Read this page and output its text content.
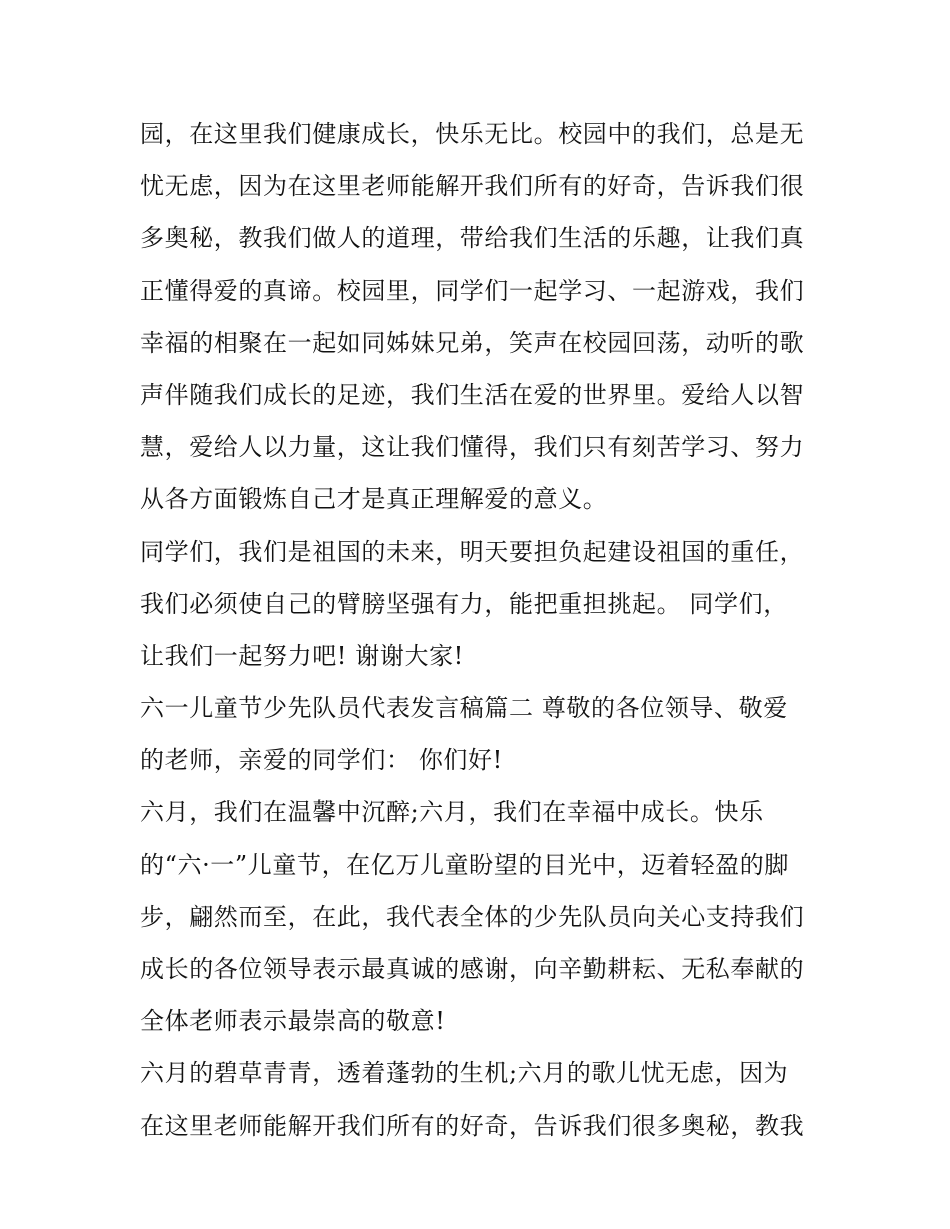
园，在这里我们健康成长，快乐无比。校园中的我们，总是无
忧无虑，因为在这里老师能解开我们所有的好奇，告诉我们很
多奥秘，教我们做人的道理，带给我们生活的乐趣，让我们真
正懂得爱的真谛。校园里，同学们一起学习、一起游戏，我们
幸福的相聚在一起如同姊妹兄弟，笑声在校园回荡，动听的歌
声伴随我们成长的足迹，我们生活在爱的世界里。爱给人以智
慧，爱给人以力量，这让我们懂得，我们只有刻苦学习、努力
从各方面锻炼自己才是真正理解爱的意义。
同学们，我们是祖国的未来，明天要担负起建设祖国的重任，
我们必须使自己的臂膀坚强有力，能把重担挑起。 同学们，
让我们一起努力吧! 谢谢大家!
六一儿童节少先队员代表发言稿篇二 尊敬的各位领导、敬爱
的老师，亲爱的同学们： 你们好!
六月，我们在温馨中沉醉;六月，我们在幸福中成长。快乐
的“六·一”儿童节，在亿万儿童盼望的目光中，迈着轻盈的脚
步，翩然而至，在此，我代表全体的少先队员向关心支持我们
成长的各位领导表示最真诚的感谢，向辛勤耕耘、无私奉献的
全体老师表示最崇高的敬意!
六月的碧草青青，透着蓬勃的生机;六月的歌儿忧无虑，因为
在这里老师能解开我们所有的好奇，告诉我们很多奥秘，教我
